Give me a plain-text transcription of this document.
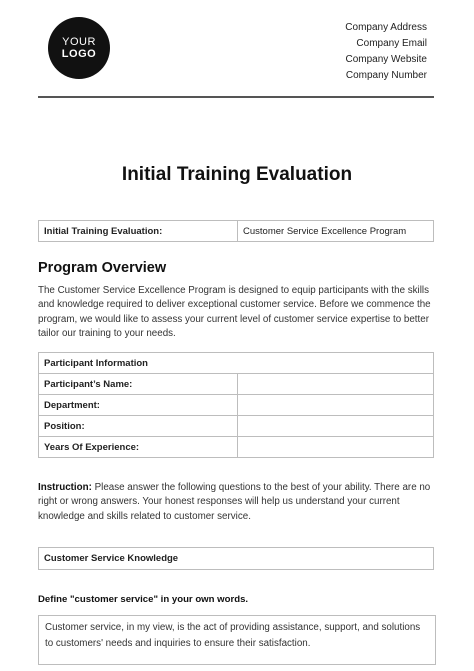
YOUR
LOGO
Company Address
Company Email
Company Website
Company Number
Initial Training Evaluation
Initial Training Evaluation:	Customer Service Excellence Program
Program Overview
The Customer Service Excellence Program is designed to equip participants with the skills and knowledge required to deliver exceptional customer service. Before we commence the program, we would like to assess your current level of customer service expertise to better tailor our training to your needs.
Participant Information	
Participant’s Name:	
Department:	
Position:	
Years Of Experience:	
Instruction: Please answer the following questions to the best of your ability. There are no right or wrong answers. Your honest responses will help us understand your current knowledge and skills related to customer service.
Customer Service Knowledge
Define "customer service" in your own words.
Customer service, in my view, is the act of providing assistance, support, and solutions to customers' needs and inquiries to ensure their satisfaction.
